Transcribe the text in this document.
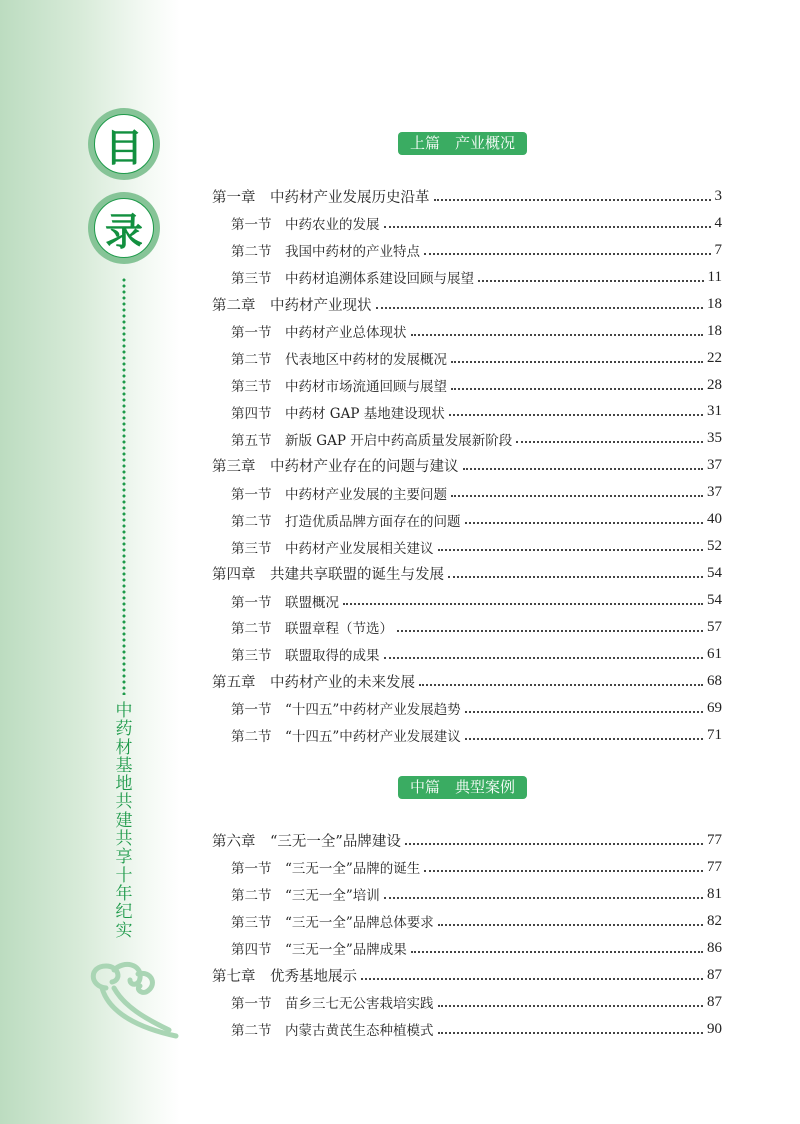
目
录
中药材基地共建共享十年纪实
上篇　产业概况
第一章　中药材产业发展历史沿革	3
第一节　中药农业的发展	4
第二节　我国中药材的产业特点	7
第三节　中药材追溯体系建设回顾与展望	11
第二章　中药材产业现状	18
第一节　中药材产业总体现状	18
第二节　代表地区中药材的发展概况	22
第三节　中药材市场流通回顾与展望	28
第四节　中药材 GAP 基地建设现状	31
第五节　新版 GAP 开启中药高质量发展新阶段	35
第三章　中药材产业存在的问题与建议	37
第一节　中药材产业发展的主要问题	37
第二节　打造优质品牌方面存在的问题	40
第三节　中药材产业发展相关建议	52
第四章　共建共享联盟的诞生与发展	54
第一节　联盟概况	54
第二节　联盟章程（节选）	57
第三节　联盟取得的成果	61
第五章　中药材产业的未来发展	68
第一节　“十四五”中药材产业发展趋势	69
第二节　“十四五”中药材产业发展建议	71
中篇　典型案例
第六章　“三无一全”品牌建设	77
第一节　“三无一全”品牌的诞生	77
第二节　“三无一全”培训	81
第三节　“三无一全”品牌总体要求	82
第四节　“三无一全”品牌成果	86
第七章　优秀基地展示	87
第一节　苗乡三七无公害栽培实践	87
第二节　内蒙古黄芪生态种植模式	90
